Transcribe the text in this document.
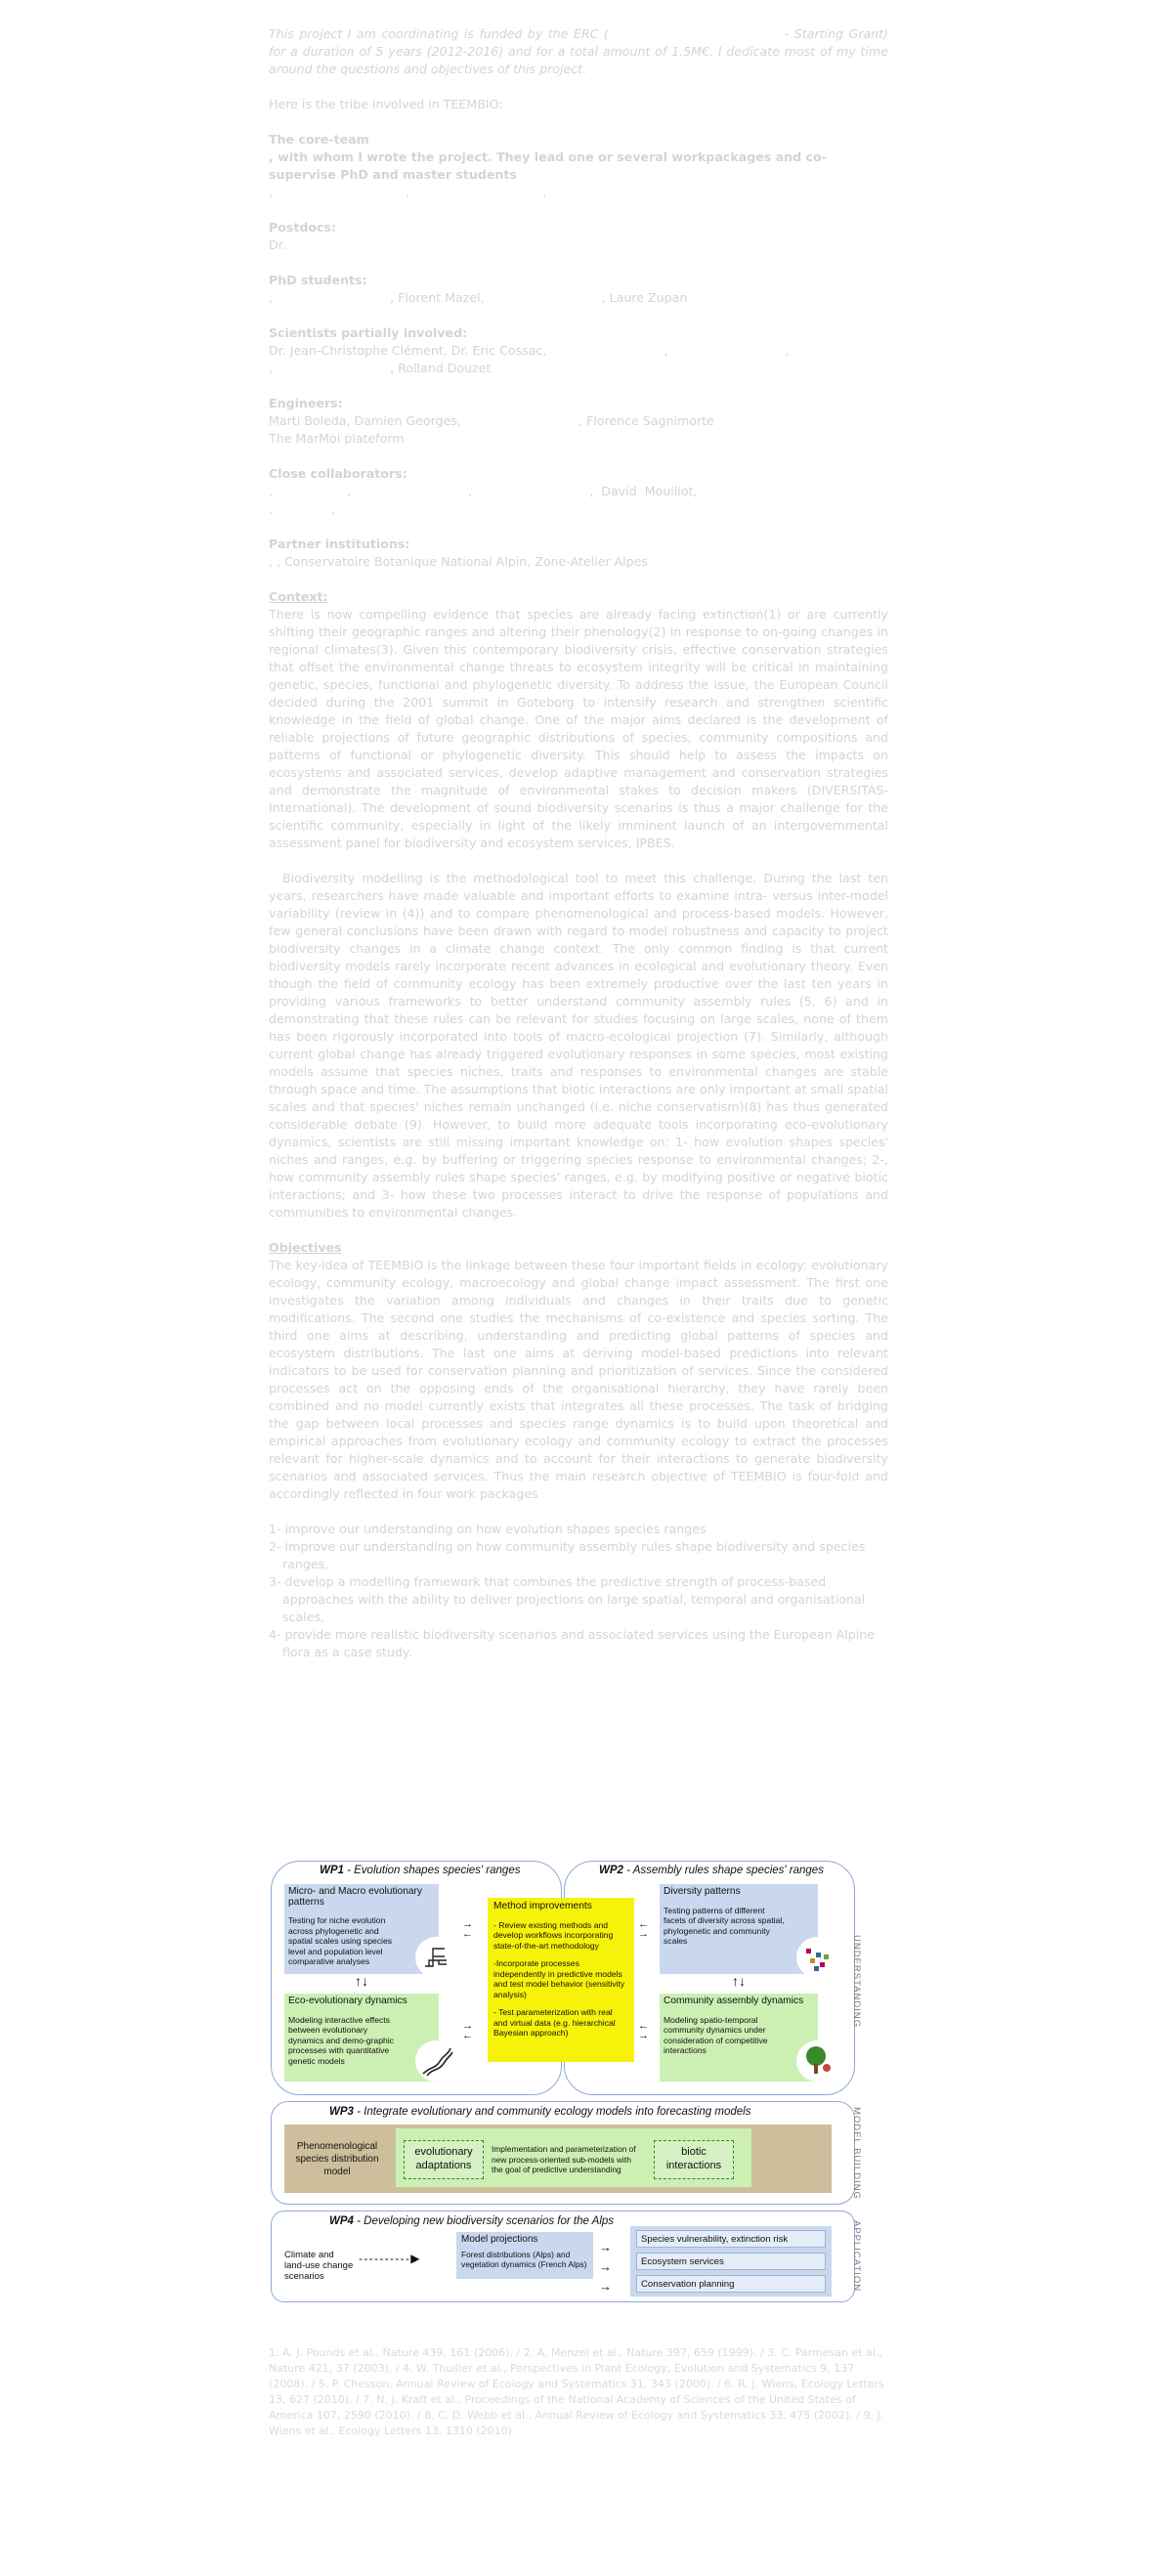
This project I am coordinating is funded by the ERC (	- Starting Grant) for a duration of 5 years (2012-2016) and for a total amount of 1.5M€. I dedicate most of my time around the questions and objectives of this project.

Here is the tribe involved in TEEMBIO:

The core-team

, with whom I wrote the project. They lead one or several workpackages and co-supervise PhD and master students

,                                  ,                                  ,

Postdocs:

Dr.

PhD students:

,                              , Florent Mazel,                              , Laure Zupan

Scientists partially involved:

Dr. Jean-Christophe Clément, Dr. Eric Cossac,                              ,                              ,

,                              , Rolland Douzet

Engineers:

Marti Boleda, Damien Georges,                              , Florence Sagnimorte

The MarMol plateform

Close collaborators:

,                   ,                              ,                              ,  David  Mouillot,

,               ,

Partner institutions:

, , Conservatoire Botanique National Alpin, Zone-Atelier Alpes

Context:

There is now compelling evidence that species are already facing extinction(1) or are currently shifting their geographic ranges and altering their phenology(2) in response to on-going changes in regional climates(3). Given this contemporary biodiversity crisis, effective conservation strategies that offset the environmental change threats to ecosystem integrity will be critical in maintaining genetic, species, functional and phylogenetic diversity. To address the issue, the European Council decided during the 2001 summit in Goteborg to intensify research and strengthen scientific knowledge in the field of global change. One of the major aims declared is the development of reliable projections of future geographic distributions of species, community compositions and patterns of functional or phylogenetic diversity. This should help to assess the impacts on ecosystems and associated services, develop adaptive management and conservation strategies and demonstrate the magnitude of environmental stakes to decision makers (DIVERSITAS-International). The development of sound biodiversity scenarios is thus a major challenge for the scientific community, especially in light of the likely imminent launch of an intergovernmental assessment panel for biodiversity and ecosystem services, IPBES.

Biodiversity modelling is the methodological tool to meet this challenge. During the last ten years, researchers have made valuable and important efforts to examine intra- versus inter-model variability (review in (4)) and to compare phenomenological and process-based models. However, few general conclusions have been drawn with regard to model robustness and capacity to project biodiversity changes in a climate change context. The only common finding is that current biodiversity models rarely incorporate recent advances in ecological and evolutionary theory. Even though the field of community ecology has been extremely productive over the last ten years in providing various frameworks to better understand community assembly rules (5, 6) and in demonstrating that these rules can be relevant for studies focusing on large scales, none of them has been rigorously incorporated into tools of macro-ecological projection (7). Similarly, although current global change has already triggered evolutionary responses in some species, most existing models assume that species niches, traits and responses to environmental changes are stable through space and time. The assumptions that biotic interactions are only important at small spatial scales and that species' niches remain unchanged (i.e. niche conservatism)(8) has thus generated considerable debate (9). However, to build more adequate tools incorporating eco-evolutionary dynamics, scientists are still missing important knowledge on: 1- how evolution shapes species' niches and ranges, e.g. by buffering or triggering species response to environmental changes; 2-, how community assembly rules shape species' ranges, e.g. by modifying positive or negative biotic interactions; and 3- how these two processes interact to drive the response of populations and communities to environmental changes.

Objectives

The key-idea of TEEMBIO is the linkage between these four important fields in ecology: evolutionary ecology, community ecology, macroecology and global change impact assessment. The first one investigates the variation among individuals and changes in their traits due to genetic modifications. The second one studies the mechanisms of co-existence and species sorting. The third one aims at describing, understanding and predicting global patterns of species and ecosystem distributions. The last one aims at deriving model-based predictions into relevant indicators to be used for conservation planning and prioritization of services. Since the considered processes act on the opposing ends of the organisational hierarchy, they have rarely been combined and no model currently exists that integrates all these processes. The task of bridging the gap between local processes and species range dynamics is to build upon theoretical and empirical approaches from evolutionary ecology and community ecology to extract the processes relevant for higher-scale dynamics and to account for their interactions to generate biodiversity scenarios and associated services. Thus the main research objective of TEEMBIO is four-fold and accordingly reflected in four work packages

1- improve our understanding on how evolution shapes species ranges
2- improve our understanding on how community assembly rules shape biodiversity and species ranges,
3- develop a modelling framework that combines the predictive strength of process-based approaches with the ability to deliver projections on large spatial, temporal and organisational scales,
4- provide more realistic biodiversity scenarios and associated services using the European Alpine flora as a case study.
WP1 - Evolution shapes species' ranges	WP2 - Assembly rules shape species' ranges
Micro- and Macro evolutionary patterns
Testing for niche evolution across phylogenetic and spatial scales using species level and population level comparative analyses
Eco-evolutionary dynamics
Modeling interactive effects between evolutionary dynamics and demo-graphic processes with quantitative genetic models
↑↓
Method improvements
- Review existing methods and develop workflows incorporating state-of-the-art methodology
-Incorporate processes independently in predictive models and test model behavior (sensitivity analysis)
- Test parameterization with real and virtual data (e.g. hierarchical Bayesian approach)
→
←
→
←
←
→
←
→
Diversity patterns
Testing patterns of different facets of diversity across spatial, phylogenetic and community scales
↑↓
Community assembly dynamics
Modeling spatio-temporal community dynamics under consideration of competitive interactions
UNDERSTANDING
WP3 - Integrate evolutionary and community ecology models into forecasting models
Phenomenological species distribution model
evolutionary adaptations
Implementation and parameterization of new process-oriented sub-models with the goal of predictive understanding
biotic interactions	MODEL BUILDING
WP4 - Developing new biodiversity scenarios for the Alps
Climate and land-use change scenarios
- - - - - - - - - - ▶
Model projections
Forest distributions (Alps) and vegetation dynamics (French Alps)
→
→
→
Species vulnerability, extinction risk
Ecosystem services
Conservation planning	APPLICATION
1. A. J. Pounds et al., Nature 439, 161 (2006). / 2. A. Menzel et al., Nature 397, 659 (1999). / 3. C. Parmesan et al., Nature 421, 37 (2003). / 4. W. Thuiller et al., Perspectives in Plant Ecology, Evolution and Systematics 9, 137 (2008). / 5. P. Chesson, Annual Review of Ecology and Systematics 31, 343 (2000). / 6. R. J. Wiens, Ecology Letters 13, 627 (2010). / 7. N. J. Kraft et al., Proceedings of the National Academy of Sciences of the United States of America 107, 2590 (2010). / 8. C. D. Webb et al., Annual Review of Ecology and Systematics 33, 475 (2002). / 9. J. Wiens et al., Ecology Letters 13, 1310 (2010)
